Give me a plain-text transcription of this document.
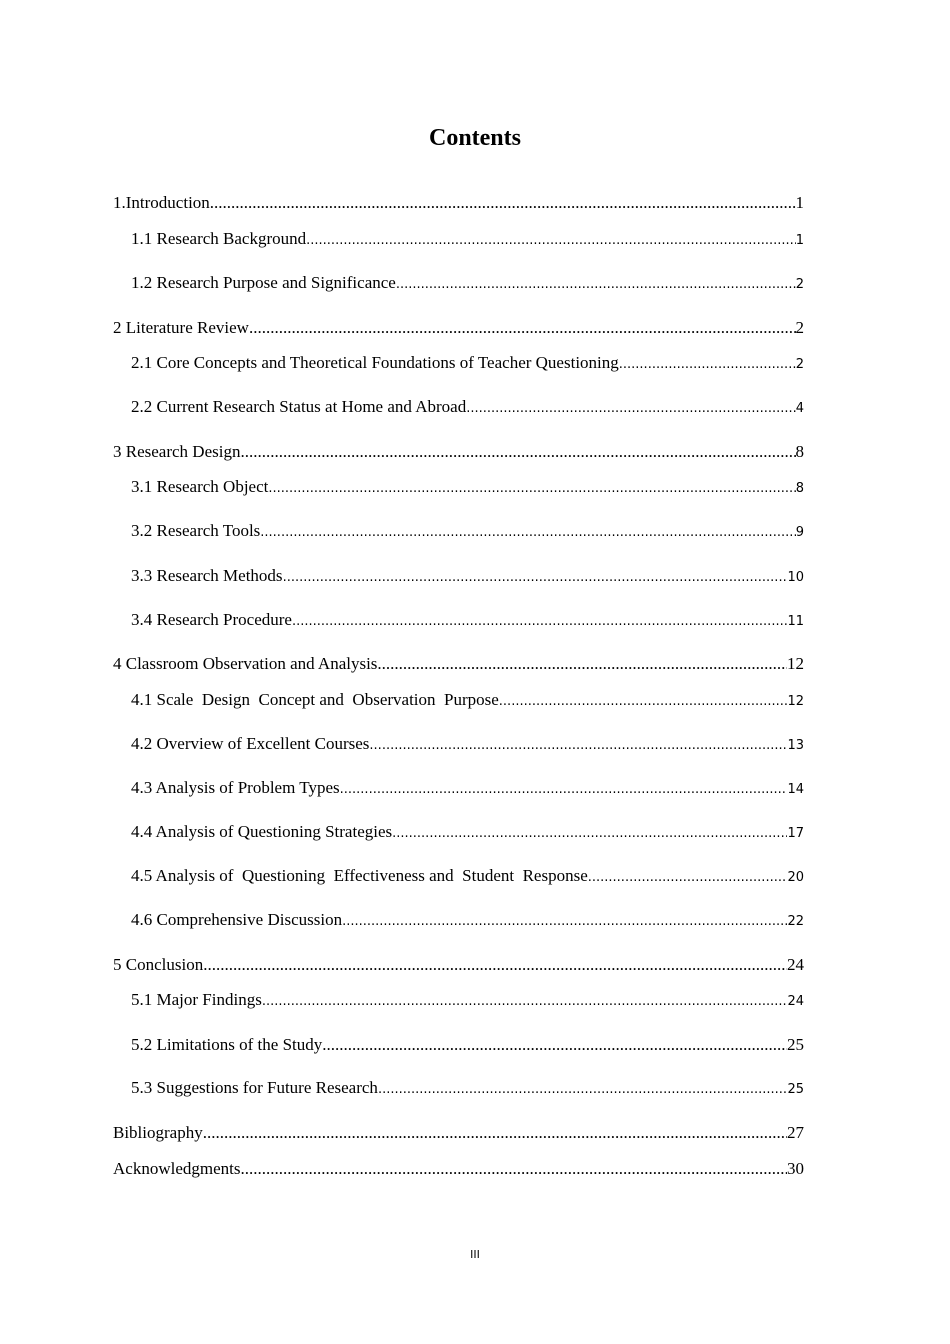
Contents
1.Introduction .....	1
1.1 Research Background .....	1
1.2 Research Purpose and Significance .....	2
2 Literature Review .....	2
2.1 Core Concepts and Theoretical Foundations of Teacher Questioning .....	2
2.2 Current Research Status at Home and Abroad .....	4
3 Research Design .....	8
3.1 Research Object .....	8
3.2 Research Tools .....	9
3.3 Research Methods .....	10
3.4 Research Procedure .....	11
4 Classroom Observation and Analysis .....	12
4.1 Scale  Design  Concept and  Observation  Purpose .....	12
4.2 Overview of Excellent Courses .....	13
4.3 Analysis of Problem Types .....	14
4.4 Analysis of Questioning Strategies .....	17
4.5 Analysis of  Questioning  Effectiveness and  Student  Response .....	20
4.6 Comprehensive Discussion .....	22
5 Conclusion .....	24
5.1 Major Findings .....	24
5.2 Limitations of the Study .....	25
5.3 Suggestions for Future Research .....	25
Bibliography .....	27
Acknowledgments .....	30
III
